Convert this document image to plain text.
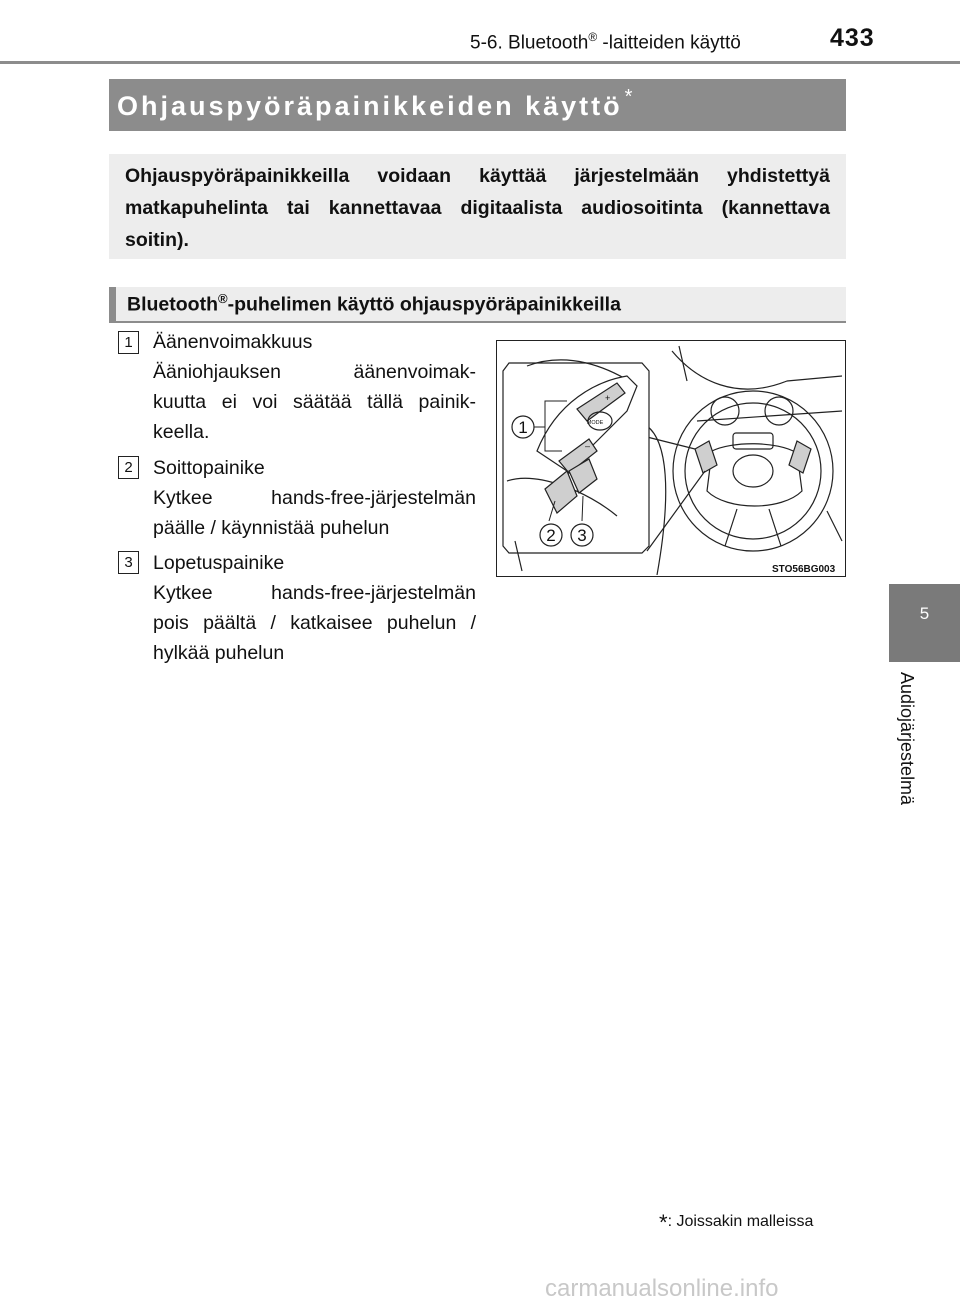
5-6. Bluetooth® -laitteiden käyttö	433
5
Audiojärjestelmä
Ohjauspyöräpainikkeiden käyttö *
Ohjauspyöräpainikkeilla voidaan käyttää järjestelmään yhdistettyä matkapuhelinta tai kannettavaa digitaalista audiosoitinta (kannettava soitin).
Bluetooth®-puhelimen käyttö ohjauspyöräpainikkeilla
1	Äänenvoimakkuus
Ääniohjauksen äänenvoimak-
kuutta ei voi säätää tällä painik-
keella.
2	Soittopainike
Kytkee hands-free-järjestelmän
päälle / käynnistää puhelun
3	Lopetuspainike
Kytkee hands-free-järjestelmän
pois päältä / katkaisee puhelun /
hylkää puhelun
MODE
+
–
1
2 3
STO56BG003
*: Joissakin malleissa
carmanualsonline.info
